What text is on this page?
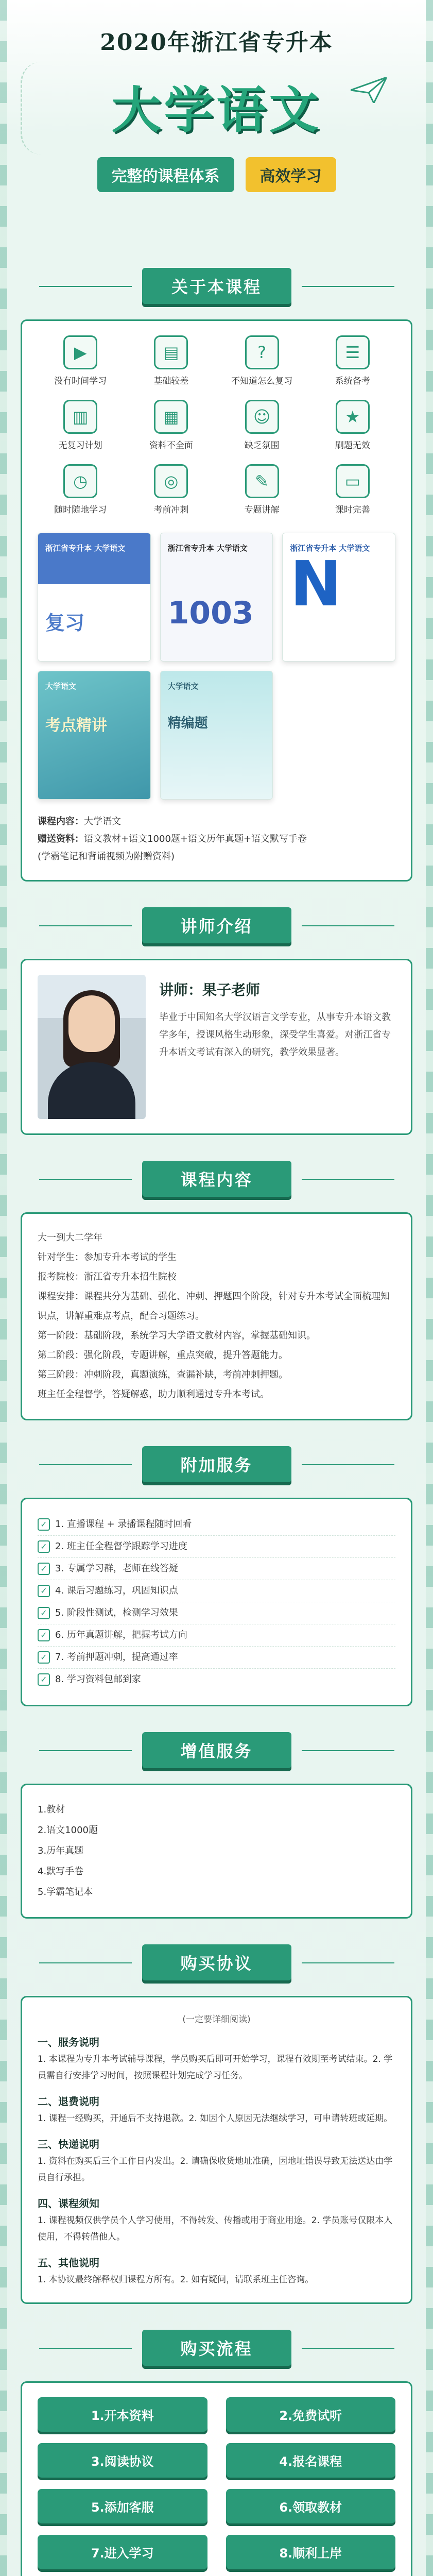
2020年浙江省专升本
大学语文
完整的课程体系	高效学习
关于本课程
▶
没有时间学习
▤
基础较差
?
不知道怎么复习
☰
系统备考
▥
无复习计划
▦
资料不全面
☺
缺乏氛围
★
刷题无效
◷
随时随地学习
◎
考前冲刺
✎
专题讲解
▭
课时完善
浙江省专升本 大学语文
复习
浙江省专升本 大学语文
1003
浙江省专升本 大学语文
N
大学语文
考点精讲
大学语文
精编题
课程内容：大学语文
赠送资料：语文教材+语文1000题+语文历年真题+语文默写手卷
(学霸笔记和背诵视频为附赠资料)
讲师介绍
讲师：果子老师
毕业于中国知名大学汉语言文学专业，从事专升本语文教学多年，授课风格生动形象，深受学生喜爱。对浙江省专升本语文考试有深入的研究，教学效果显著。
课程内容

大一到大二学年

针对学生：参加专升本考试的学生

报考院校：浙江省专升本招生院校

课程安排：课程共分为基础、强化、冲刺、押题四个阶段，针对专升本考试全面梳理知识点，讲解重难点考点，配合习题练习。

第一阶段：基础阶段，系统学习大学语文教材内容，掌握基础知识。

第二阶段：强化阶段，专题讲解，重点突破，提升答题能力。

第三阶段：冲刺阶段，真题演练，查漏补缺，考前冲刺押题。

班主任全程督学，答疑解惑，助力顺利通过专升本考试。

附加服务
✓ 1. 直播课程 + 录播课程随时回看
✓ 2. 班主任全程督学跟踪学习进度
✓ 3. 专属学习群，老师在线答疑
✓ 4. 课后习题练习，巩固知识点
✓ 5. 阶段性测试，检测学习效果
✓ 6. 历年真题讲解，把握考试方向
✓ 7. 考前押题冲刺，提高通过率
✓ 8. 学习资料包邮到家
增值服务
1.教材
2.语文1000题
3.历年真题
4.默写手卷
5.学霸笔记本
购买协议
(一定要详细阅读)
一、服务说明

1. 本课程为专升本考试辅导课程，学员购买后即可开始学习，课程有效期至考试结束。2. 学员需自行安排学习时间，按照课程计划完成学习任务。

二、退费说明

1. 课程一经购买，开通后不支持退款。2. 如因个人原因无法继续学习，可申请转班或延期。

三、快递说明

1. 资料在购买后三个工作日内发出。2. 请确保收货地址准确，因地址错误导致无法送达由学员自行承担。

四、课程须知

1. 课程视频仅供学员个人学习使用，不得转发、传播或用于商业用途。2. 学员账号仅限本人使用，不得转借他人。

五、其他说明

1. 本协议最终解释权归课程方所有。2. 如有疑问，请联系班主任咨询。

购买流程
1.开本资料	2.免费试听
3.阅读协议	4.报名课程
5.添加客服	6.领取教材
7.进入学习	8.顺利上岸
